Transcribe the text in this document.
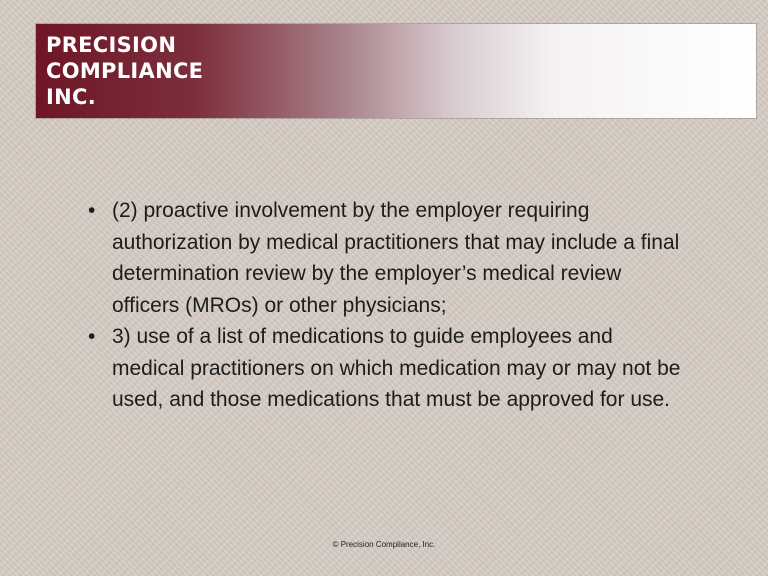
PRECISION
COMPLIANCE
INC.
• (2) proactive involvement by the employer requiring authorization by medical practitioners that may include a final determination review by the employer’s medical review officers (MROs) or other physicians;
• 3) use of a list of medications to guide employees and medical practitioners on which medication may or may not be used, and those medications that must be approved for use.
© Precision Compliance, Inc.
